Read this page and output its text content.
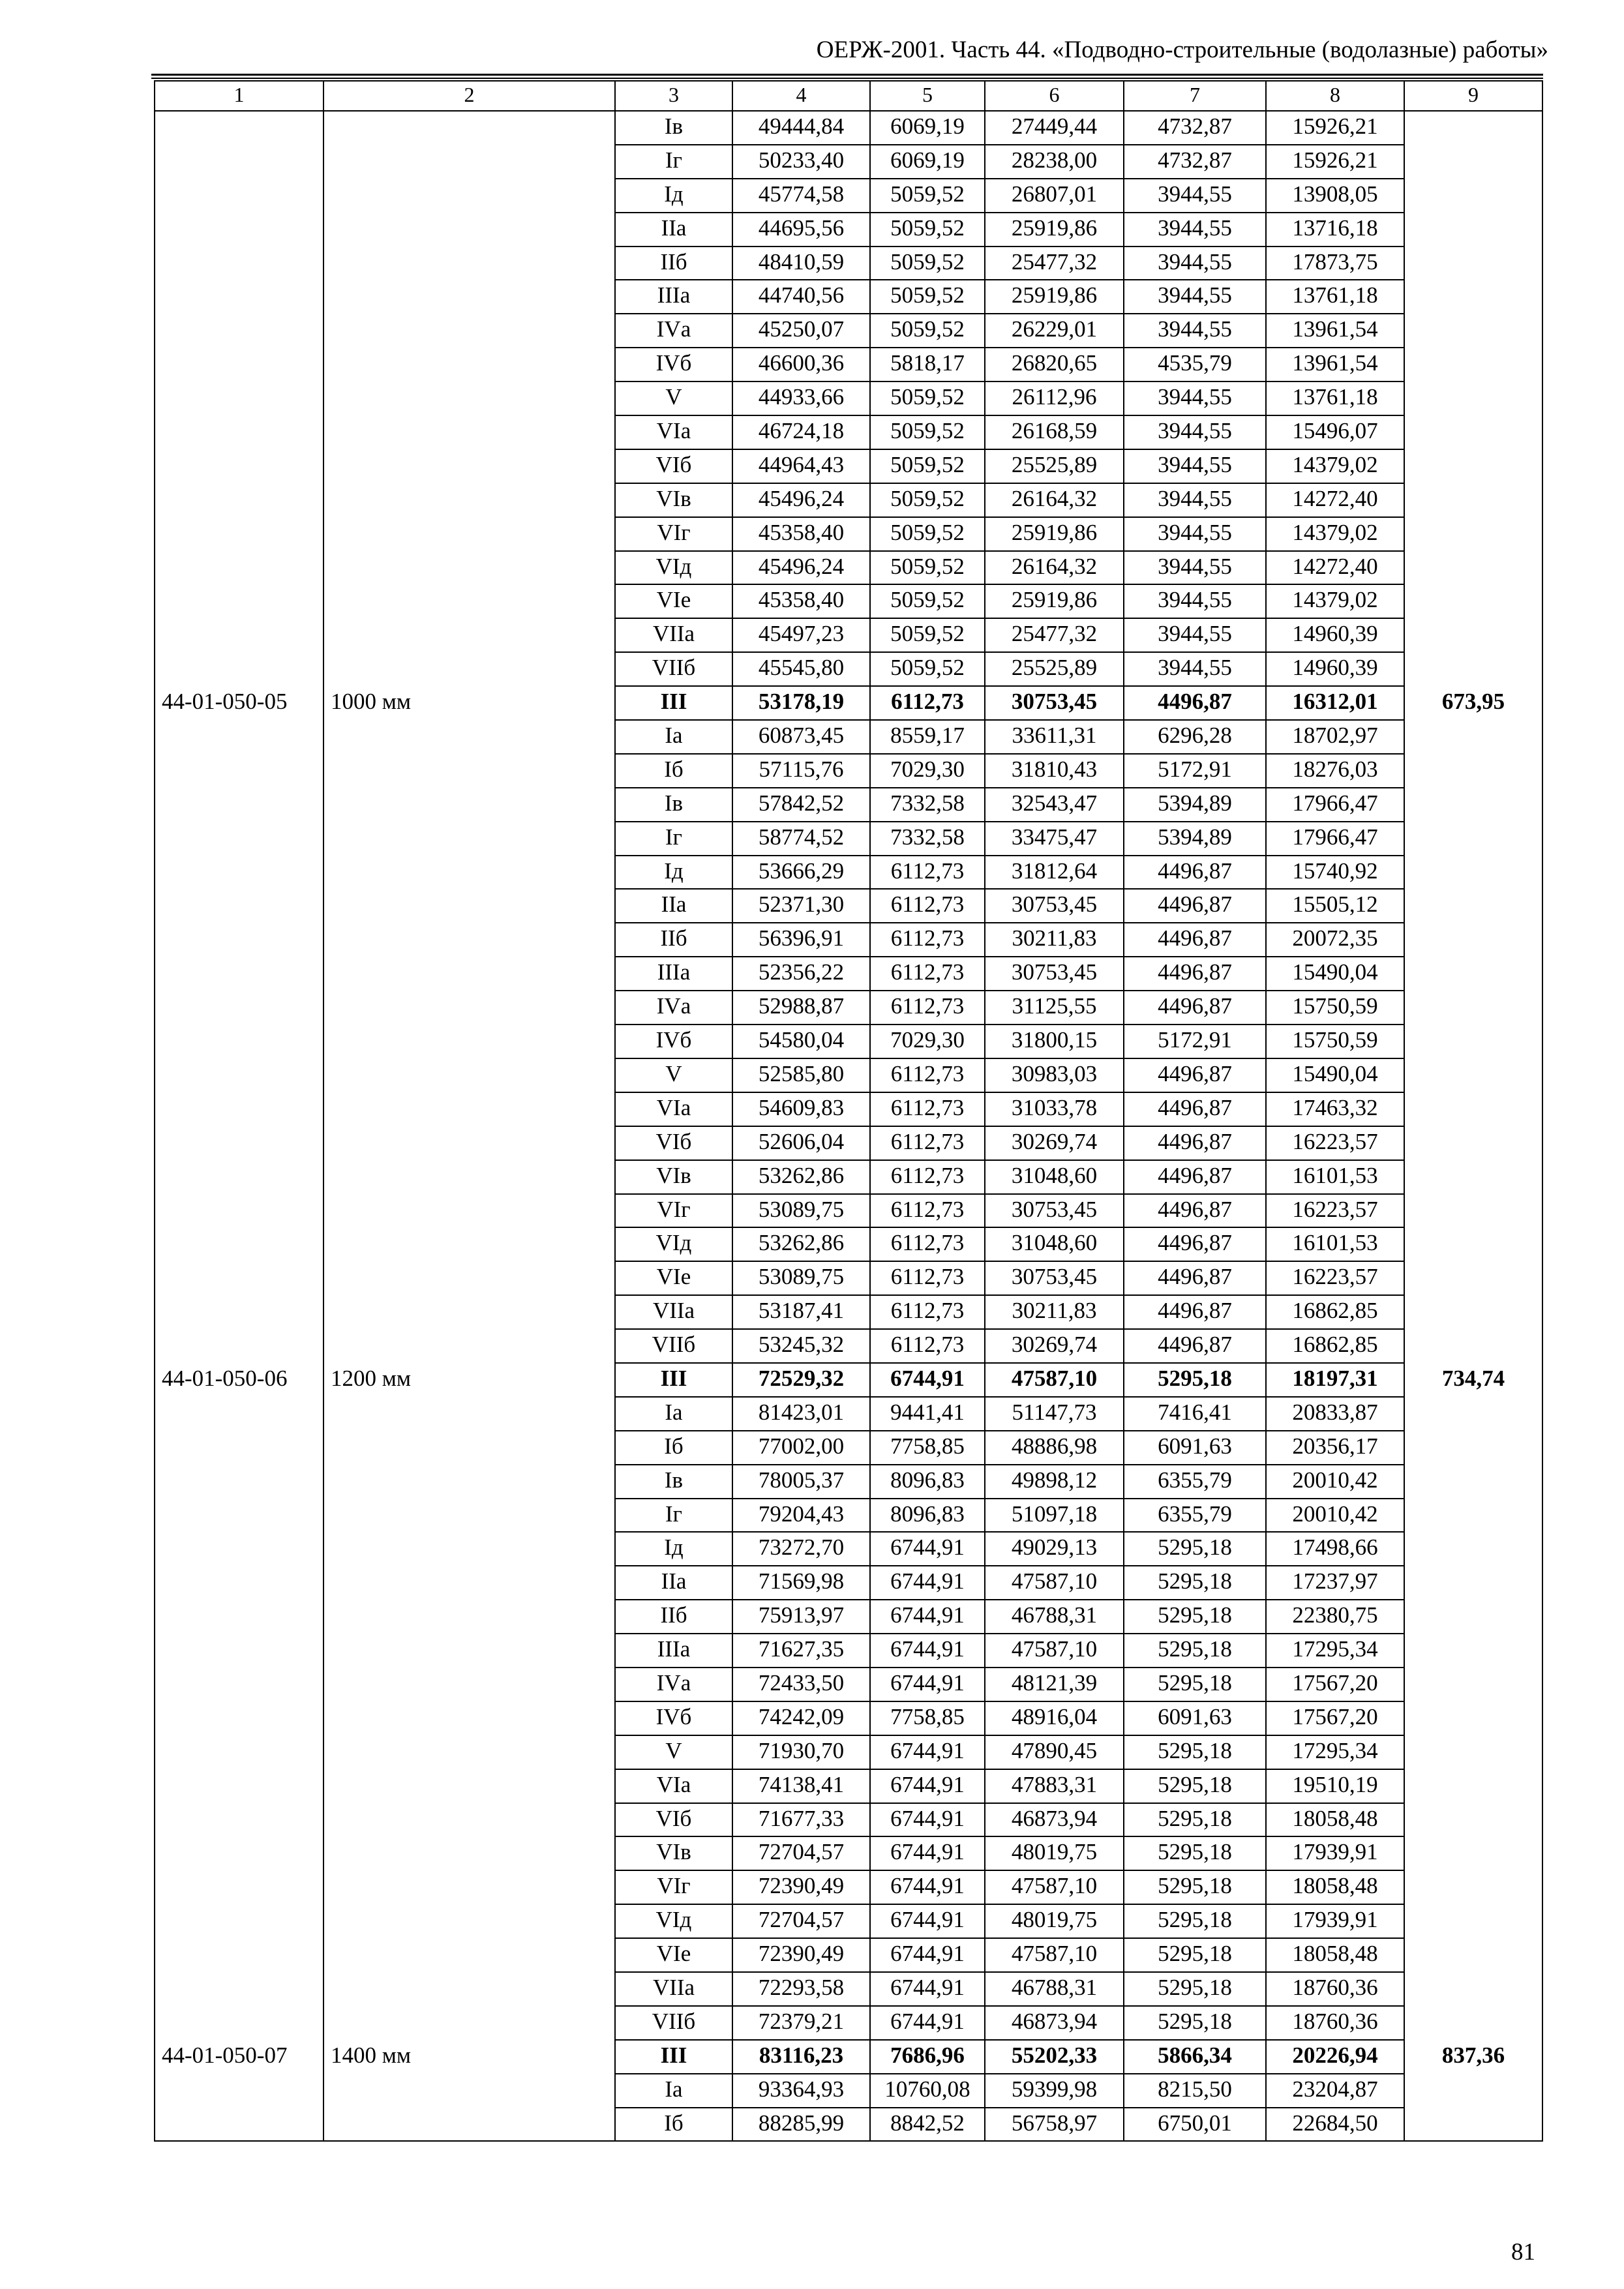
ОЕРЖ-2001. Часть 44. «Подводно-строительные (водолазные) работы»
1	2	3	4	5	6	7	8	9
		Iв	49444,84	6069,19	27449,44	4732,87	15926,21	
		Iг	50233,40	6069,19	28238,00	4732,87	15926,21	
		Iд	45774,58	5059,52	26807,01	3944,55	13908,05	
		IIа	44695,56	5059,52	25919,86	3944,55	13716,18	
		IIб	48410,59	5059,52	25477,32	3944,55	17873,75	
		IIIа	44740,56	5059,52	25919,86	3944,55	13761,18	
		IVа	45250,07	5059,52	26229,01	3944,55	13961,54	
		IVб	46600,36	5818,17	26820,65	4535,79	13961,54	
		V	44933,66	5059,52	26112,96	3944,55	13761,18	
		VIа	46724,18	5059,52	26168,59	3944,55	15496,07	
		VIб	44964,43	5059,52	25525,89	3944,55	14379,02	
		VIв	45496,24	5059,52	26164,32	3944,55	14272,40	
		VIг	45358,40	5059,52	25919,86	3944,55	14379,02	
		VIд	45496,24	5059,52	26164,32	3944,55	14272,40	
		VIе	45358,40	5059,52	25919,86	3944,55	14379,02	
		VIIа	45497,23	5059,52	25477,32	3944,55	14960,39	
		VIIб	45545,80	5059,52	25525,89	3944,55	14960,39	
44-01-050-05	1000 мм	III	53178,19	6112,73	30753,45	4496,87	16312,01	673,95
		Iа	60873,45	8559,17	33611,31	6296,28	18702,97	
		Iб	57115,76	7029,30	31810,43	5172,91	18276,03	
		Iв	57842,52	7332,58	32543,47	5394,89	17966,47	
		Iг	58774,52	7332,58	33475,47	5394,89	17966,47	
		Iд	53666,29	6112,73	31812,64	4496,87	15740,92	
		IIа	52371,30	6112,73	30753,45	4496,87	15505,12	
		IIб	56396,91	6112,73	30211,83	4496,87	20072,35	
		IIIа	52356,22	6112,73	30753,45	4496,87	15490,04	
		IVа	52988,87	6112,73	31125,55	4496,87	15750,59	
		IVб	54580,04	7029,30	31800,15	5172,91	15750,59	
		V	52585,80	6112,73	30983,03	4496,87	15490,04	
		VIа	54609,83	6112,73	31033,78	4496,87	17463,32	
		VIб	52606,04	6112,73	30269,74	4496,87	16223,57	
		VIв	53262,86	6112,73	31048,60	4496,87	16101,53	
		VIг	53089,75	6112,73	30753,45	4496,87	16223,57	
		VIд	53262,86	6112,73	31048,60	4496,87	16101,53	
		VIе	53089,75	6112,73	30753,45	4496,87	16223,57	
		VIIа	53187,41	6112,73	30211,83	4496,87	16862,85	
		VIIб	53245,32	6112,73	30269,74	4496,87	16862,85	
44-01-050-06	1200 мм	III	72529,32	6744,91	47587,10	5295,18	18197,31	734,74
		Iа	81423,01	9441,41	51147,73	7416,41	20833,87	
		Iб	77002,00	7758,85	48886,98	6091,63	20356,17	
		Iв	78005,37	8096,83	49898,12	6355,79	20010,42	
		Iг	79204,43	8096,83	51097,18	6355,79	20010,42	
		Iд	73272,70	6744,91	49029,13	5295,18	17498,66	
		IIа	71569,98	6744,91	47587,10	5295,18	17237,97	
		IIб	75913,97	6744,91	46788,31	5295,18	22380,75	
		IIIа	71627,35	6744,91	47587,10	5295,18	17295,34	
		IVа	72433,50	6744,91	48121,39	5295,18	17567,20	
		IVб	74242,09	7758,85	48916,04	6091,63	17567,20	
		V	71930,70	6744,91	47890,45	5295,18	17295,34	
		VIа	74138,41	6744,91	47883,31	5295,18	19510,19	
		VIб	71677,33	6744,91	46873,94	5295,18	18058,48	
		VIв	72704,57	6744,91	48019,75	5295,18	17939,91	
		VIг	72390,49	6744,91	47587,10	5295,18	18058,48	
		VIд	72704,57	6744,91	48019,75	5295,18	17939,91	
		VIе	72390,49	6744,91	47587,10	5295,18	18058,48	
		VIIа	72293,58	6744,91	46788,31	5295,18	18760,36	
		VIIб	72379,21	6744,91	46873,94	5295,18	18760,36	
44-01-050-07	1400 мм	III	83116,23	7686,96	55202,33	5866,34	20226,94	837,36
		Iа	93364,93	10760,08	59399,98	8215,50	23204,87	
		Iб	88285,99	8842,52	56758,97	6750,01	22684,50	
81
